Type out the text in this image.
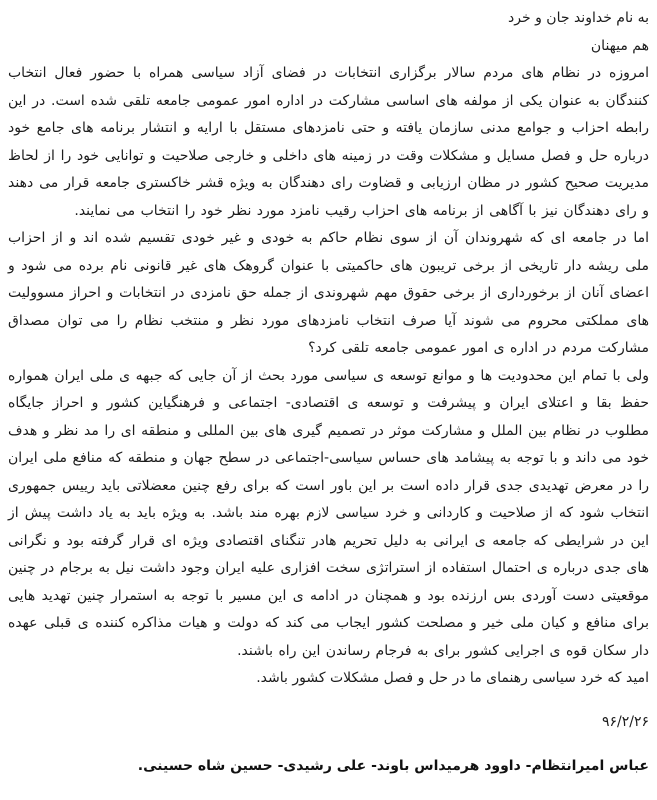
به نام خداوند جان و خرد

هم میهنان

امروزه در نظام های مردم سالار برگزاری انتخابات در فضای آزاد سیاسی همراه با حضور فعال انتخاب کنندگان به عنوان یکی از مولفه های اساسی مشارکت در اداره امور عمومی جامعه تلقی شده است. در این رابطه احزاب و جوامع مدنی سازمان یافته و حتی نامزدهای مستقل با ارایه و انتشار برنامه های جامع خود درباره حل و فصل مسایل و مشکلات وقت در زمینه های داخلی و خارجی صلاحیت و توانایی خود را از لحاظ مدیریت صحیح کشور در مظان ارزیابی و قضاوت رای دهندگان به ویژه قشر خاکستری جامعه قرار می دهند و رای دهندگان نیز با آگاهی از برنامه های احزاب رقیب نامزد مورد نظر خود را انتخاب می نمایند.

اما در جامعه ای که شهروندان آن از سوی نظام حاکم به خودی و غیر خودی تقسیم شده اند و از احزاب ملی ریشه دار تاریخی از برخی تریبون های حاکمیتی با عنوان گروهک های غیر قانونی نام برده می شود و اعضای آنان از برخورداری از برخی حقوق مهم شهروندی از جمله حق نامزدی در انتخابات و احراز مسوولیت های مملکتی محروم می شوند آیا صرف انتخاب نامزدهای مورد نظر و منتخب نظام را می توان مصداق مشارکت مردم در اداره ی امور عمومی جامعه تلقی کرد؟

ولی با تمام این محدودیت ها و موانع توسعه ی سیاسی مورد بحث از آن جایی که جبهه ی ملی ایران همواره حفظ بقا و اعتلای ایران و پیشرفت و توسعه ی اقتصادی- اجتماعی و فرهنگیاین کشور و احراز جایگاه مطلوب در نظام بین الملل و مشارکت موثر در تصمیم گیری های بین المللی و منطقه ای را مد نظر و هدف خود می داند و با توجه به پیشامد های حساس سیاسی-اجتماعی در سطح جهان و منطقه که منافع ملی ایران را در معرض تهدیدی جدی قرار داده است بر این باور است که برای رفع چنین معضلاتی باید رییس جمهوری انتخاب شود که از صلاحیت و کاردانی و خرد سیاسی لازم بهره مند باشد. به ویژه باید به یاد داشت پیش از این در شرایطی که جامعه ی ایرانی به دلیل تحریم هادر تنگنای اقتصادی ویژه ای قرار گرفته بود و نگرانی های جدی درباره ی احتمال استفاده از استراتژی سخت افزاری علیه ایران وجود داشت نیل به برجام در چنین موقعیتی دست آوردی بس ارزنده بود و همچنان در ادامه ی این مسیر با توجه به استمرار چنین تهدید هایی برای منافع و کیان ملی خیر و مصلحت کشور ایجاب می کند که دولت و هیات مذاکره کننده ی قبلی عهده دار سکان قوه ی اجرایی کشور برای به فرجام رساندن این راه باشند.

امید که خرد سیاسی رهنمای ما در حل و فصل مشکلات کشور باشد.

۹۶/۲/۲۶

عباس امیرانتظام- داوود هرمیداس باوند- علی رشیدی- حسین شاه حسینی.
